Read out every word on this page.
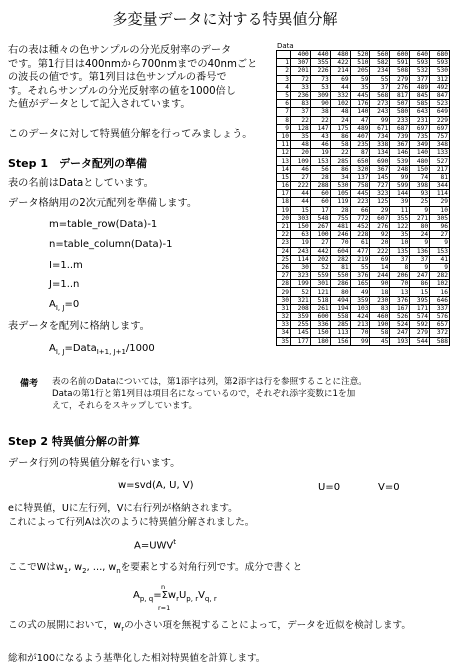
多変量データに対する特異値分解
右の表は種々の色サンプルの分光反射率のデータ
です。第1行目は400nmから700nmまでの40nmごと
の波長の値です。第1列目は色サンプルの番号で
す。それらサンプルの分光反射率の値を1000倍し
た値がデータとして記入されています。
このデータに対して特異値分解を行ってみましょう。
Step 1　データ配列の準備
表の名前はDataとしています。
データ格納用の2次元配列を準備します。
m=table_row(Data)-1
n=table_column(Data)-1
I=1..m
J=1..n
$A_{I, J}=0$
表データを配列に格納します。
$A_{I, J}=Data_{I+1, J+1}/1000$
備考 表の名前のDataについては，第1添字は列，第2添字は行を参照することに注意。
Dataの第1行と第1列目は項目名になっているので，それぞれ添字変数に1を加
えて，それらをスキップしています。
Step 2 特異値分解の計算
データ行列の特異値分解を行います。
w=svd(A, U, V)	U=0	V=0
eに特異値，Uに左行列，Vに右行列が格納されます。
これによって行列Aは次のように特異値分解されました。
$A=UWV^t$
ここでWは$w_1$, $w_2$, …, $w_n$を要素とする対角行列です。成分で書くと
$A_{p, q}=\Sigma w_rU_{p, r}V_{q, r}$
n
r=1
この式の展開において，$w_r$の小さい項を無視することによって，データを近似を検討します。
総和が100になるよう基準化した相対特異値を計算します。
Data
	400	440	480	520	560	600	640	680
1	307	355	422	510	582	591	593	593
2	201	226	214	205	234	508	532	530
3	72	73	69	59	55	279	377	312
4	33	53	44	35	37	276	489	492
5	236	309	332	445	568	817	845	847
6	83	90	102	176	273	507	585	523
7	37	38	48	140	243	580	643	649
8	22	22	24	47	99	233	231	229
9	128	147	175	489	671	687	697	697
10	35	43	86	407	734	739	735	757
11	48	46	58	235	338	367	349	348
12	20	19	22	87	134	146	140	133
13	109	153	285	650	690	539	480	527
14	46	56	86	320	367	248	150	217
15	27	28	34	137	145	99	74	81
16	222	288	530	758	727	599	398	344
17	44	60	105	445	323	144	93	114
18	44	60	119	223	125	39	25	29
19	15	17	28	66	29	11	9	10
20	303	548	755	772	607	355	271	305
21	150	267	481	452	276	122	80	96
22	63	100	246	228	92	35	24	27
23	19	27	70	61	20	10	9	9
24	243	442	604	477	222	135	136	153
25	114	202	282	219	69	37	37	41
26	30	52	81	55	14	8	9	9
27	323	559	550	376	244	206	247	282
28	199	301	286	165	90	70	86	102
29	52	121	80	49	18	13	15	16
30	321	518	494	359	230	376	395	646
31	208	261	194	103	83	167	171	337
32	359	600	558	424	460	526	574	576
33	255	336	285	213	190	524	592	657
34	145	150	113	70	58	247	279	372
35	177	180	156	99	45	193	544	588
